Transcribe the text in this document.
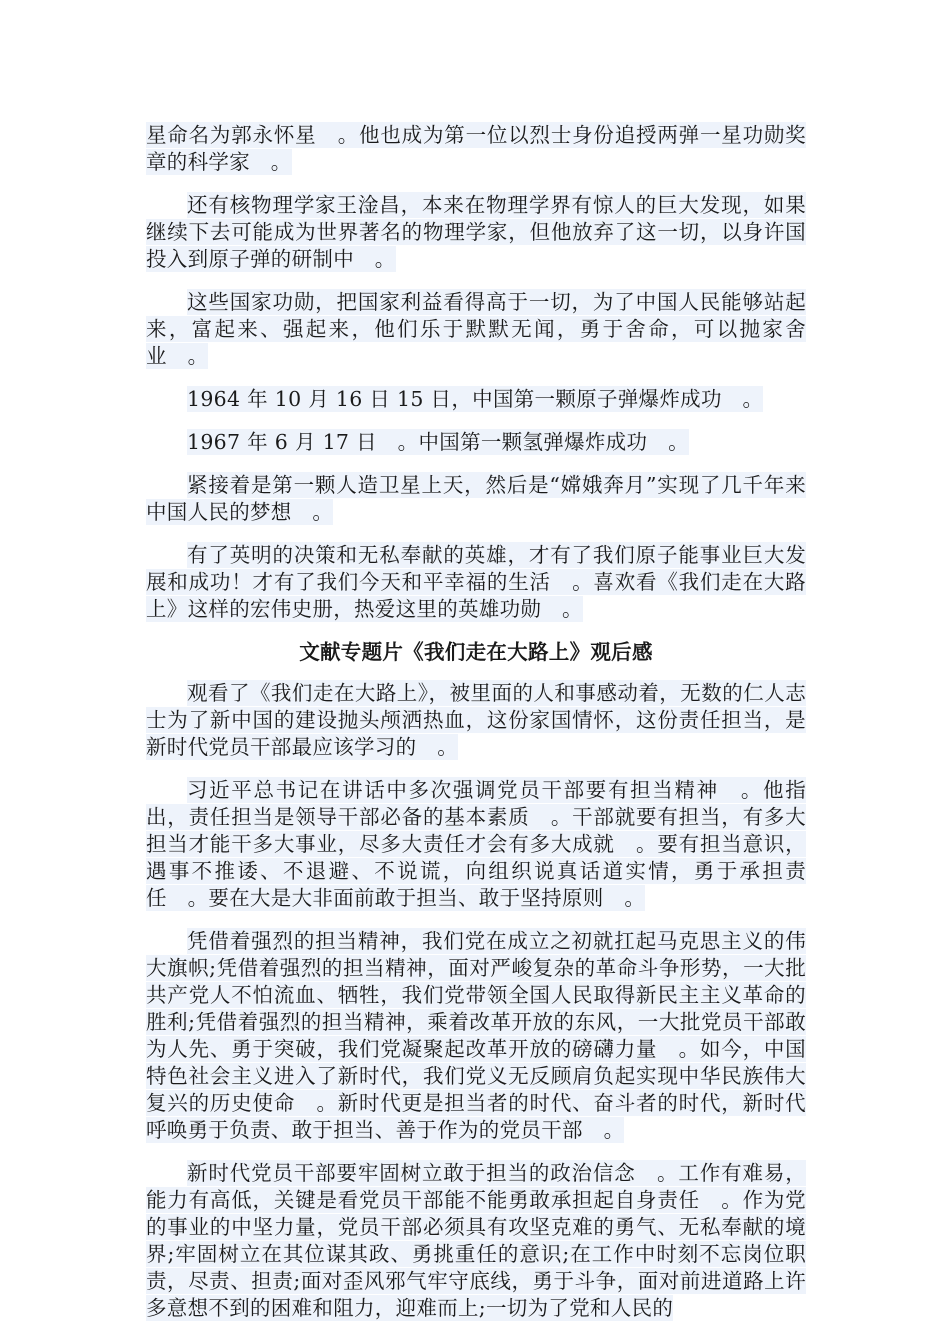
星命名为郭永怀星　。他也成为第一位以烈士身份追授两弹一星功勋奖章的科学家　。

还有核物理学家王淦昌，本来在物理学界有惊人的巨大发现，如果继续下去可能成为世界著名的物理学家，但他放弃了这一切，以身许国投入到原子弹的研制中　。

这些国家功勋，把国家利益看得高于一切，为了中国人民能够站起来，富起来、强起来，他们乐于默默无闻，勇于舍命，可以抛家舍业　。

1964 年 10 月 16 日 15 日，中国第一颗原子弹爆炸成功　。

1967 年 6 月 17 日　。中国第一颗氢弹爆炸成功　。

紧接着是第一颗人造卫星上天，然后是“嫦娥奔月”实现了几千年来中国人民的梦想　。

有了英明的决策和无私奉献的英雄，才有了我们原子能事业巨大发展和成功！才有了我们今天和平幸福的生活　。喜欢看《我们走在大路上》这样的宏伟史册，热爱这里的英雄功勋　。

文献专题片《我们走在大路上》观后感

观看了《我们走在大路上》，被里面的人和事感动着，无数的仁人志士为了新中国的建设抛头颅洒热血，这份家国情怀，这份责任担当，是新时代党员干部最应该学习的　。

习近平总书记在讲话中多次强调党员干部要有担当精神　。他指出，责任担当是领导干部必备的基本素质　。干部就要有担当，有多大担当才能干多大事业，尽多大责任才会有多大成就　。要有担当意识，遇事不推诿、不退避、不说谎，向组织说真话道实情，勇于承担责任　。要在大是大非面前敢于担当、敢于坚持原则　。

凭借着强烈的担当精神，我们党在成立之初就扛起马克思主义的伟大旗帜;凭借着强烈的担当精神，面对严峻复杂的革命斗争形势，一大批共产党人不怕流血、牺牲，我们党带领全国人民取得新民主主义革命的胜利;凭借着强烈的担当精神，乘着改革开放的东风，一大批党员干部敢为人先、勇于突破，我们党凝聚起改革开放的磅礴力量　。如今，中国特色社会主义进入了新时代，我们党义无反顾肩负起实现中华民族伟大复兴的历史使命　。新时代更是担当者的时代、奋斗者的时代，新时代呼唤勇于负责、敢于担当、善于作为的党员干部　。

新时代党员干部要牢固树立敢于担当的政治信念　。工作有难易，能力有高低，关键是看党员干部能不能勇敢承担起自身责任　。作为党的事业的中坚力量，党员干部必须具有攻坚克难的勇气、无私奉献的境界;牢固树立在其位谋其政、勇挑重任的意识;在工作中时刻不忘岗位职责，尽责、担责;面对歪风邪气牢守底线，勇于斗争，面对前进道路上许多意想不到的困难和阻力，迎难而上;一切为了党和人民的
